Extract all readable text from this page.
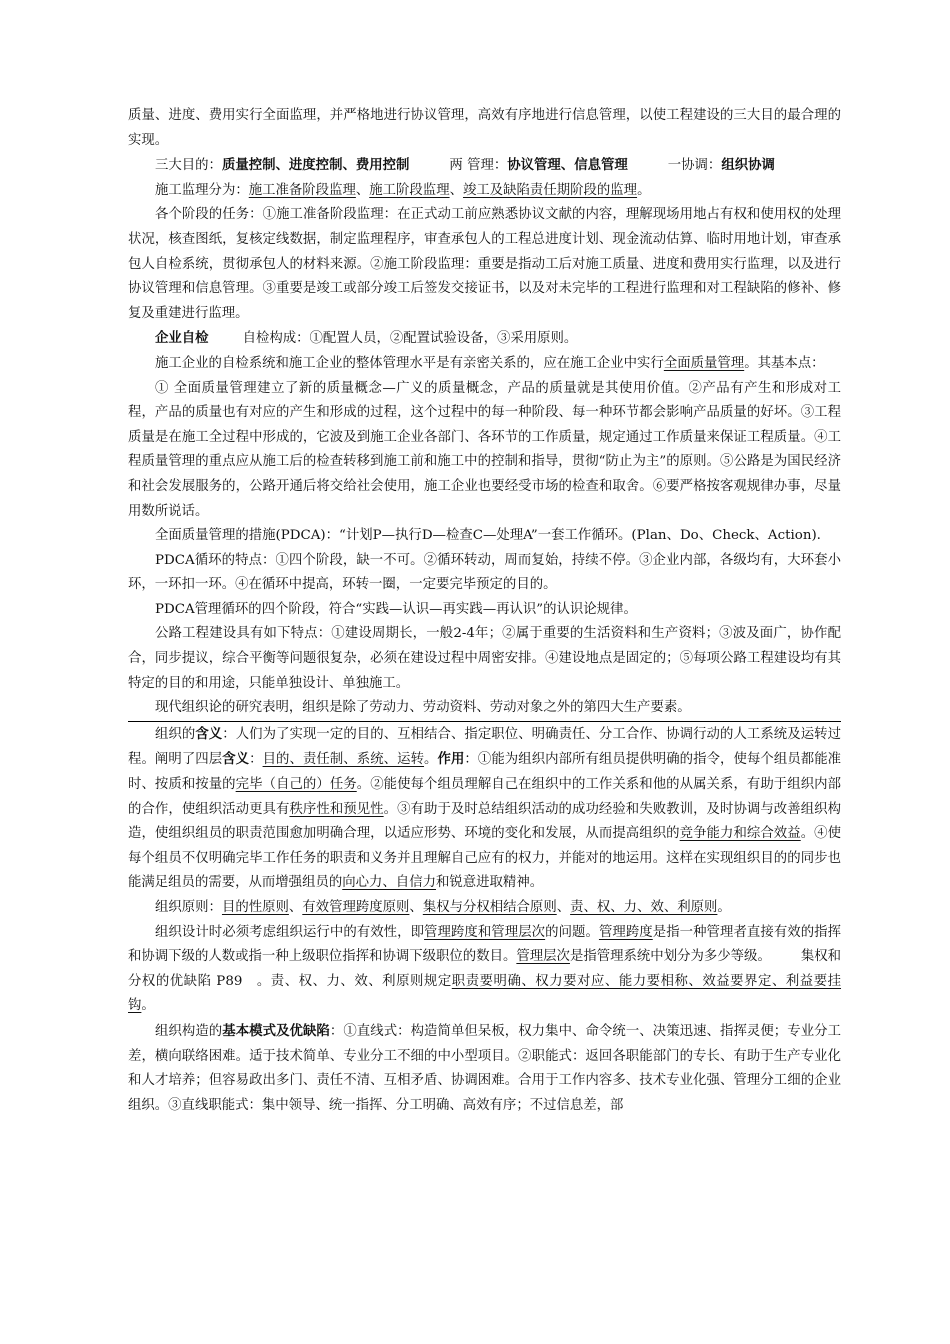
质量、进度、费用实行全面监理，并严格地进行协议管理，高效有序地进行信息管理，以使工程建设的三大目的最合理的实现。

三大目的：质量控制、进度控制、费用控制	两 管理：协议管理、信息管理	一协调：组织协调

施工监理分为：施工准备阶段监理、施工阶段监理、竣工及缺陷责任期阶段的监理。

各个阶段的任务：①施工准备阶段监理：在正式动工前应熟悉协议文献的内容，理解现场用地占有权和使用权的处理状况，核查图纸，复核定线数据，制定监理程序，审查承包人的工程总进度计划、现金流动估算、临时用地计划，审查承包人自检系统，贯彻承包人的材料来源。②施工阶段监理：重要是指动工后对施工质量、进度和费用实行监理，以及进行协议管理和信息管理。③重要是竣工或部分竣工后签发交接证书，以及对未完毕的工程进行监理和对工程缺陷的修补、修复及重建进行监理。

企业自检	自检构成：①配置人员，②配置试验设备，③采用原则。

施工企业的自检系统和施工企业的整体管理水平是有亲密关系的，应在施工企业中实行全面质量管理。其基本点：

① 全面质量管理建立了新的质量概念—广义的质量概念，产品的质量就是其使用价值。②产品有产生和形成对工程，产品的质量也有对应的产生和形成的过程，这个过程中的每一种阶段、每一种环节都会影响产品质量的好坏。③工程质量是在施工全过程中形成的，它波及到施工企业各部门、各环节的工作质量，规定通过工作质量来保证工程质量。④工程质量管理的重点应从施工后的检查转移到施工前和施工中的控制和指导，贯彻“防止为主”的原则。⑤公路是为国民经济和社会发展服务的，公路开通后将交给社会使用，施工企业也要经受市场的检查和取舍。⑥要严格按客观规律办事，尽量用数所说话。

全面质量管理的措施(PDCA)：“计划P—执行D—检查C—处理A”一套工作循环。(Plan、Do、Check、Action).

PDCA循环的特点：①四个阶段，缺一不可。②循环转动，周而复始，持续不停。③企业内部，各级均有，大环套小环，一环扣一环。④在循环中提高，环转一圈，一定要完毕预定的目的。

PDCA管理循环的四个阶段，符合“实践—认识—再实践—再认识”的认识论规律。

公路工程建设具有如下特点：①建设周期长，一般2-4年；②属于重要的生活资料和生产资料；③波及面广，协作配合，同步提议，综合平衡等问题很复杂，必须在建设过程中周密安排。④建设地点是固定的；⑤每项公路工程建设均有其特定的目的和用途，只能单独设计、单独施工。

现代组织论的研究表明，组织是除了劳动力、劳动资料、劳动对象之外的第四大生产要素。

组织的含义：人们为了实现一定的目的、互相结合、指定职位、明确责任、分工合作、协调行动的人工系统及运转过程。阐明了四层含义：目的、责任制、系统、运转。作用：①能为组织内部所有组员提供明确的指令，使每个组员都能准时、按质和按量的完毕（自己的）任务。②能使每个组员理解自己在组织中的工作关系和他的从属关系，有助于组织内部的合作，使组织活动更具有秩序性和预见性。③有助于及时总结组织活动的成功经验和失败教训，及时协调与改善组织构造，使组织组员的职责范围愈加明确合理，以适应形势、环境的变化和发展，从而提高组织的竞争能力和综合效益。④使每个组员不仅明确完毕工作任务的职责和义务并且理解自己应有的权力，并能对的地运用。这样在实现组织目的的同步也能满足组员的需要，从而增强组员的向心力、自信力和锐意进取精神。

组织原则：目的性原则、有效管理跨度原则、集权与分权相结合原则、责、权、力、效、利原则。

组织设计时必须考虑组织运行中的有效性，即管理跨度和管理层次的问题。管理跨度是指一种管理者直接有效的指挥和协调下级的人数或指一种上级职位指挥和协调下级职位的数目。管理层次是指管理系统中划分为多少等级。 集权和分权的优缺陷 P89 。责、权、力、效、利原则规定职责要明确、权力要对应、能力要相称、效益要界定、利益要挂钩。

组织构造的基本模式及优缺陷：①直线式：构造简单但呆板，权力集中、命令统一、决策迅速、指挥灵便；专业分工差，横向联络困难。适于技术简单、专业分工不细的中小型项目。②职能式：返回各职能部门的专长、有助于生产专业化和人才培养；但容易政出多门、责任不清、互相矛盾、协调困难。合用于工作内容多、技术专业化强、管理分工细的企业组织。③直线职能式：集中领导、统一指挥、分工明确、高效有序；不过信息差，部
